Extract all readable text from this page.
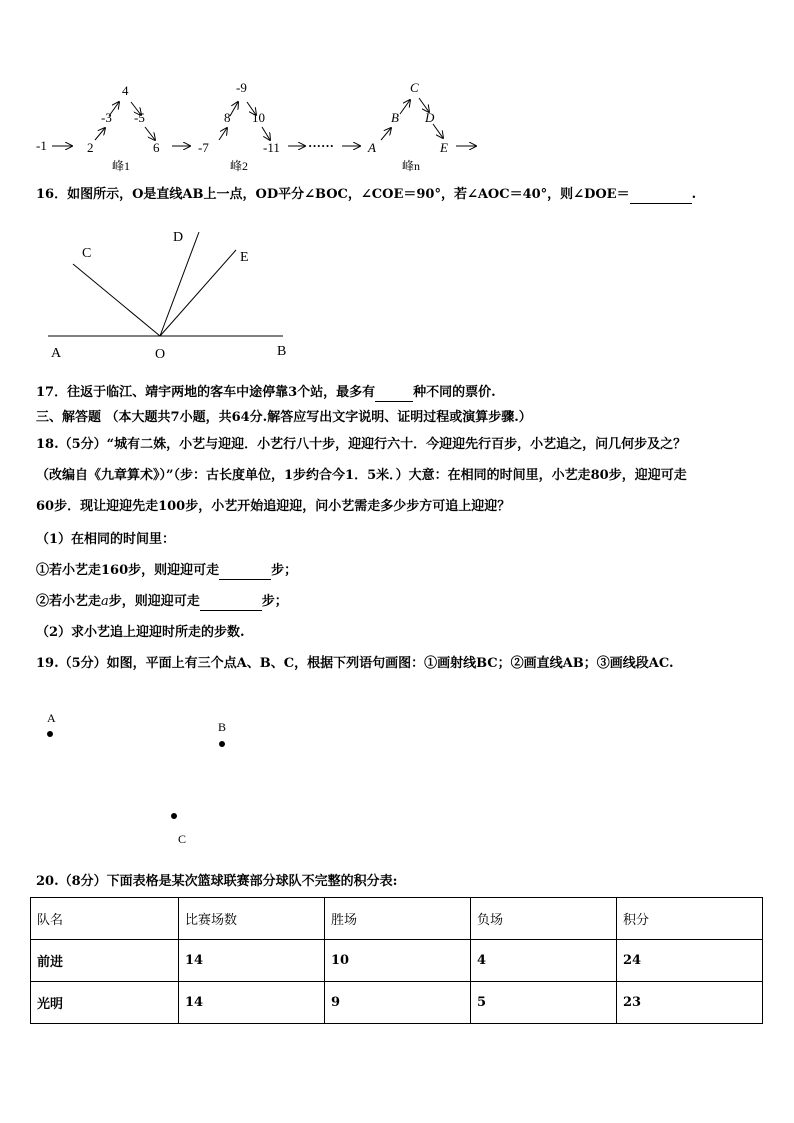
-1	2
-3
4
-5
6	-7
8
-9
10
-11 ······	A
B
C
D
E
峰1	峰2	峰n
16．如图所示，O是直线AB上一点，OD平分∠BOC，∠COE＝90°，若∠AOC＝40°，则∠DOE＝	.
C
D
E
A	O	B
17．往返于临江、靖宇两地的客车中途停靠3个站，最多有	种不同的票价.
三、解答题 （本大题共7小题，共64分.解答应写出文字说明、证明过程或演算步骤.）
18.（5分）“城有二姝，小艺与迎迎．小艺行八十步，迎迎行六十．今迎迎先行百步，小艺追之，问几何步及之？
（改编自《九章算术》）”（步：古长度单位，1步约合今1．5米．）大意：在相同的时间里，小艺走80步，迎迎可走
60步．现让迎迎先走100步，小艺开始追迎迎，问小艺需走多少步方可追上迎迎？
（1）在相同的时间里：
①若小艺走160步，则迎迎可走	步；
②若小艺走a步，则迎迎可走	步；
（2）求小艺追上迎迎时所走的步数.
19.（5分）如图，平面上有三个点A、B、C，根据下列语句画图：①画射线BC；②画直线AB；③画线段AC.
A
B
C
20.（8分）下面表格是某次篮球联赛部分球队不完整的积分表:
队名	比赛场数	胜场	负场	积分
前进	14	10	4	24
光明	14	9	5	23
